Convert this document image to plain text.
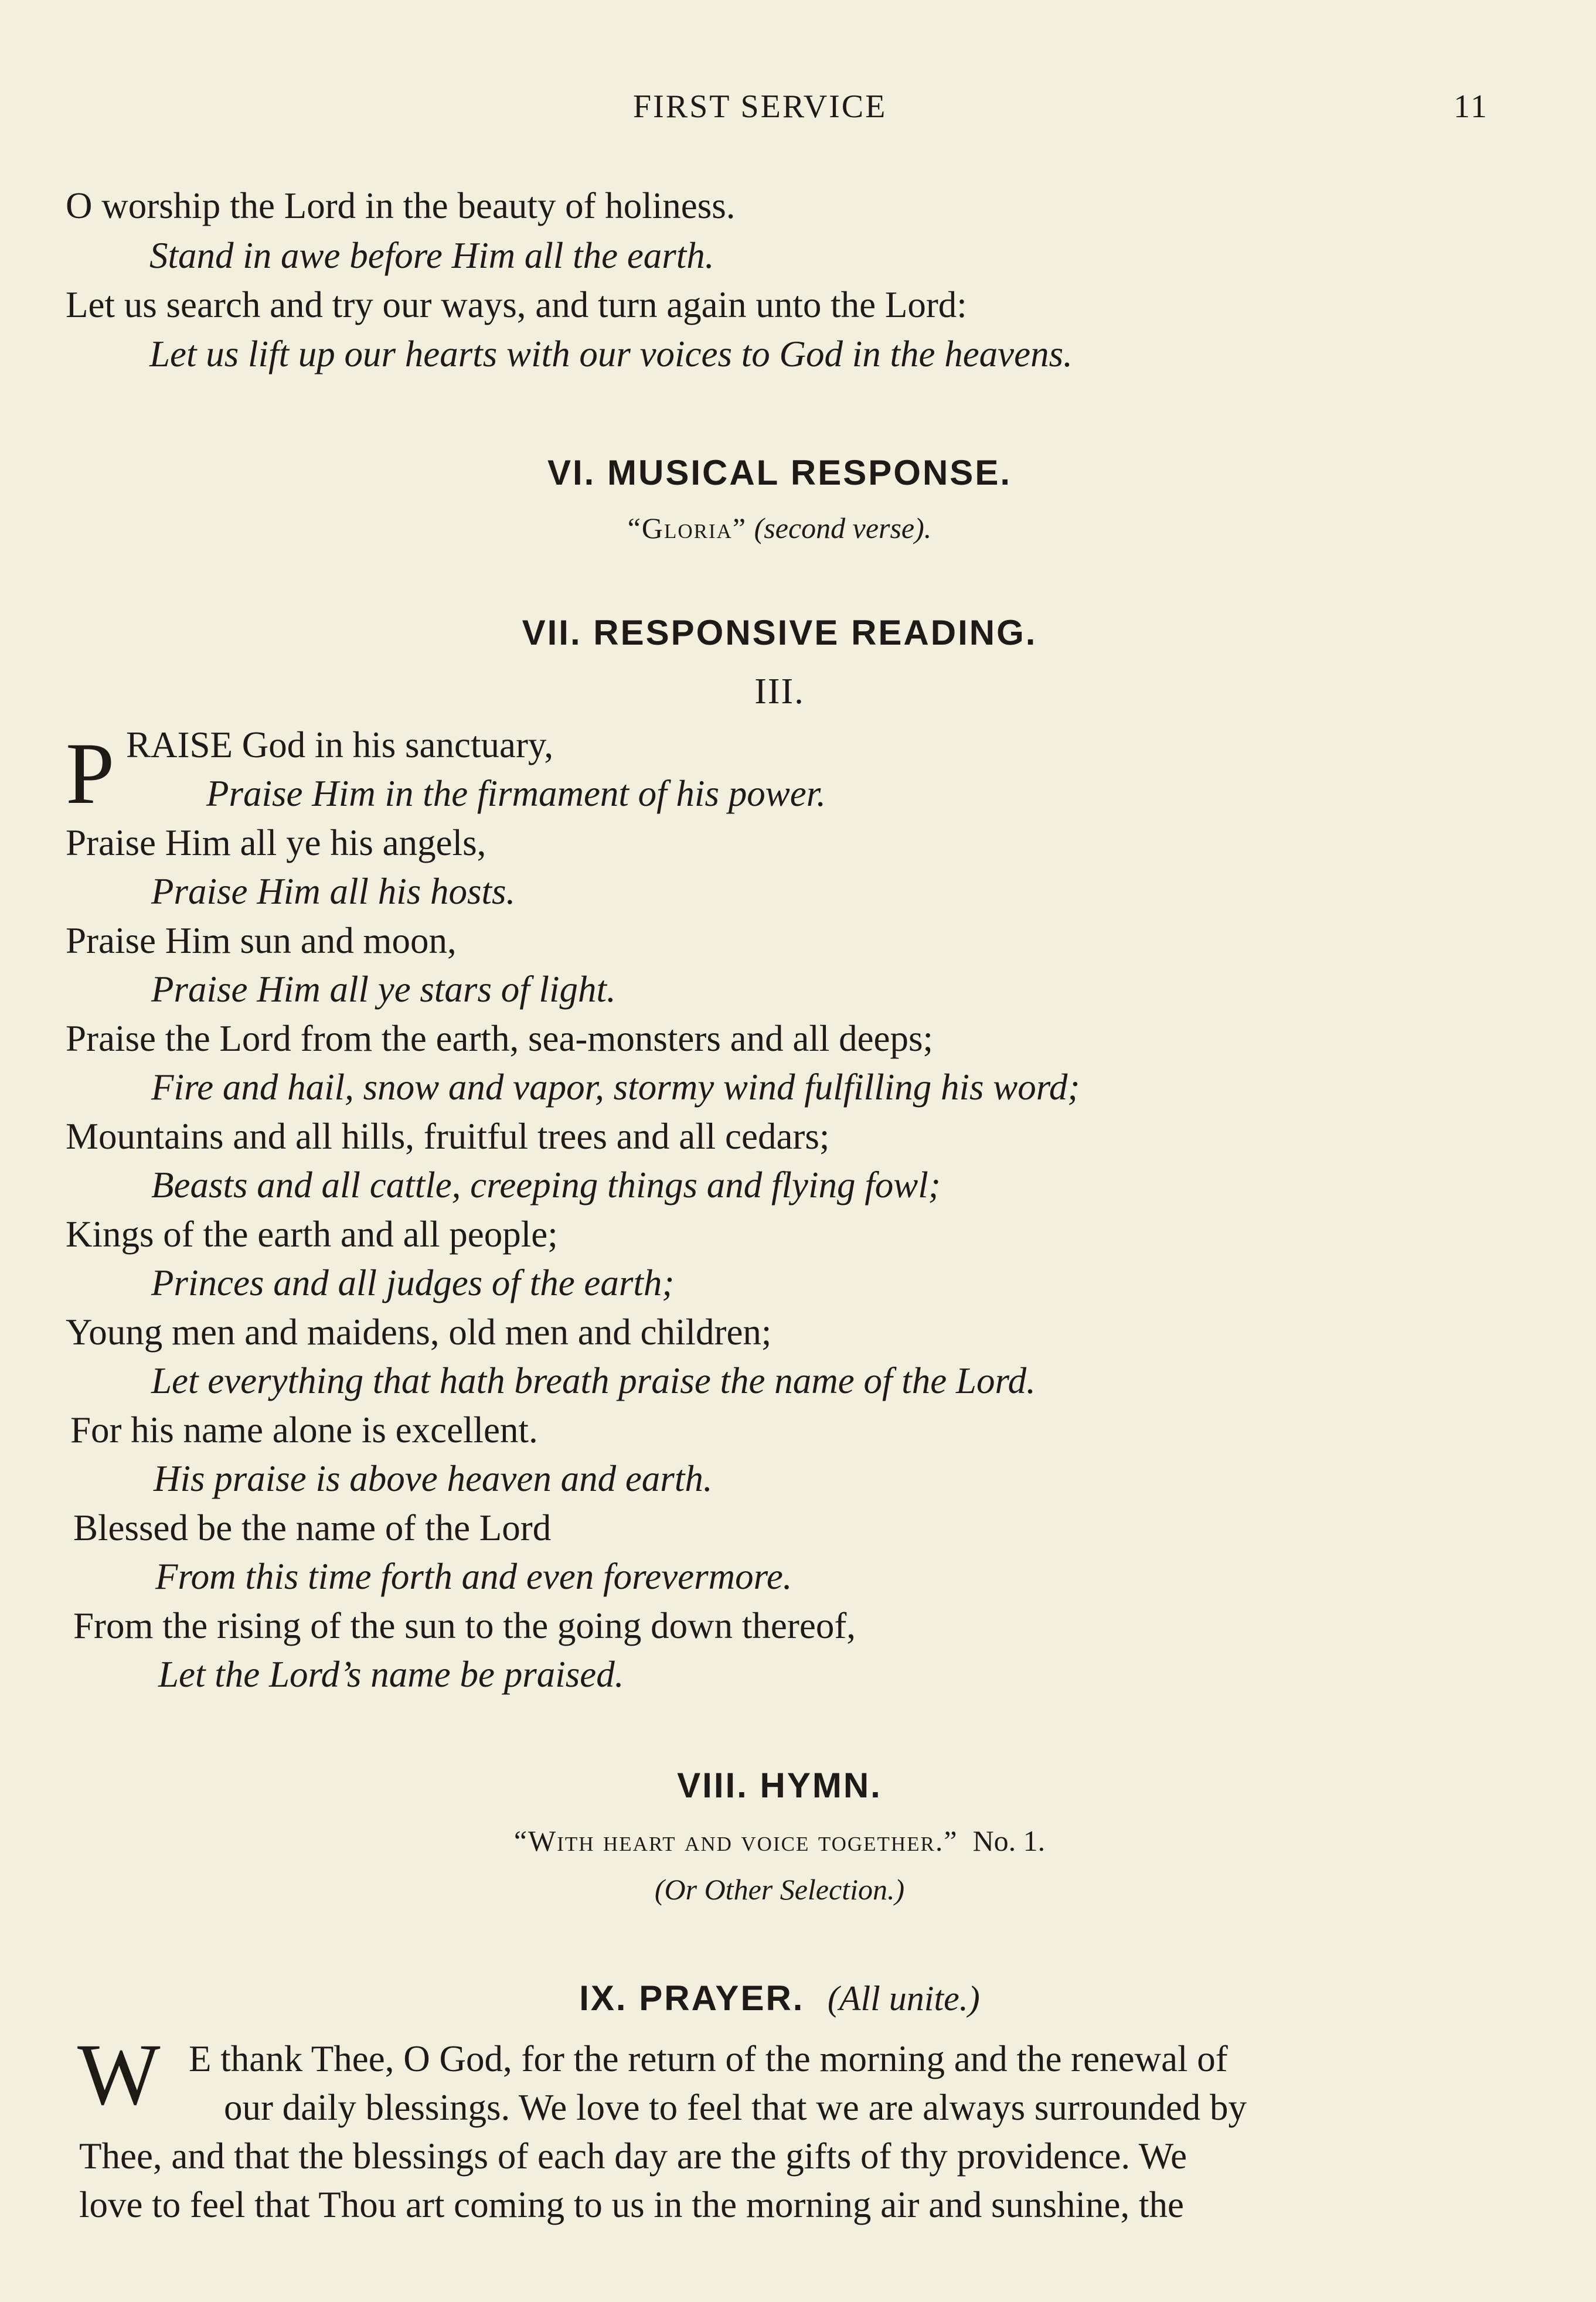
FIRST SERVICE	11
O worship the Lord in the beauty of holiness.
Stand in awe before Him all the earth.
Let us search and try our ways, and turn again unto the Lord:
Let us lift up our hearts with our voices to God in the heavens.
VI. MUSICAL RESPONSE.
“Gloria” (second verse).
VII. RESPONSIVE READING.
III.
P RAISE God in his sanctuary,
Praise Him in the firmament of his power.
Praise Him all ye his angels,
Praise Him all his hosts.
Praise Him sun and moon,
Praise Him all ye stars of light.
Praise the Lord from the earth, sea-monsters and all deeps;
Fire and hail, snow and vapor, stormy wind fulfilling his word;
Mountains and all hills, fruitful trees and all cedars;
Beasts and all cattle, creeping things and flying fowl;
Kings of the earth and all people;
Princes and all judges of the earth;
Young men and maidens, old men and children;
Let everything that hath breath praise the name of the Lord.
For his name alone is excellent.
His praise is above heaven and earth.
Blessed be the name of the Lord
From this time forth and even forevermore.
From the rising of the sun to the going down thereof,
Let the Lord’s name be praised.
VIII. HYMN.
“With heart and voice together.” No. 1.
(Or Other Selection.)
IX. PRAYER. (All unite.)
W E thank Thee, O God, for the return of the morning and the renewal of
our daily blessings. We love to feel that we are always surrounded by
Thee, and that the blessings of each day are the gifts of thy providence. We
love to feel that Thou art coming to us in the morning air and sunshine, the
